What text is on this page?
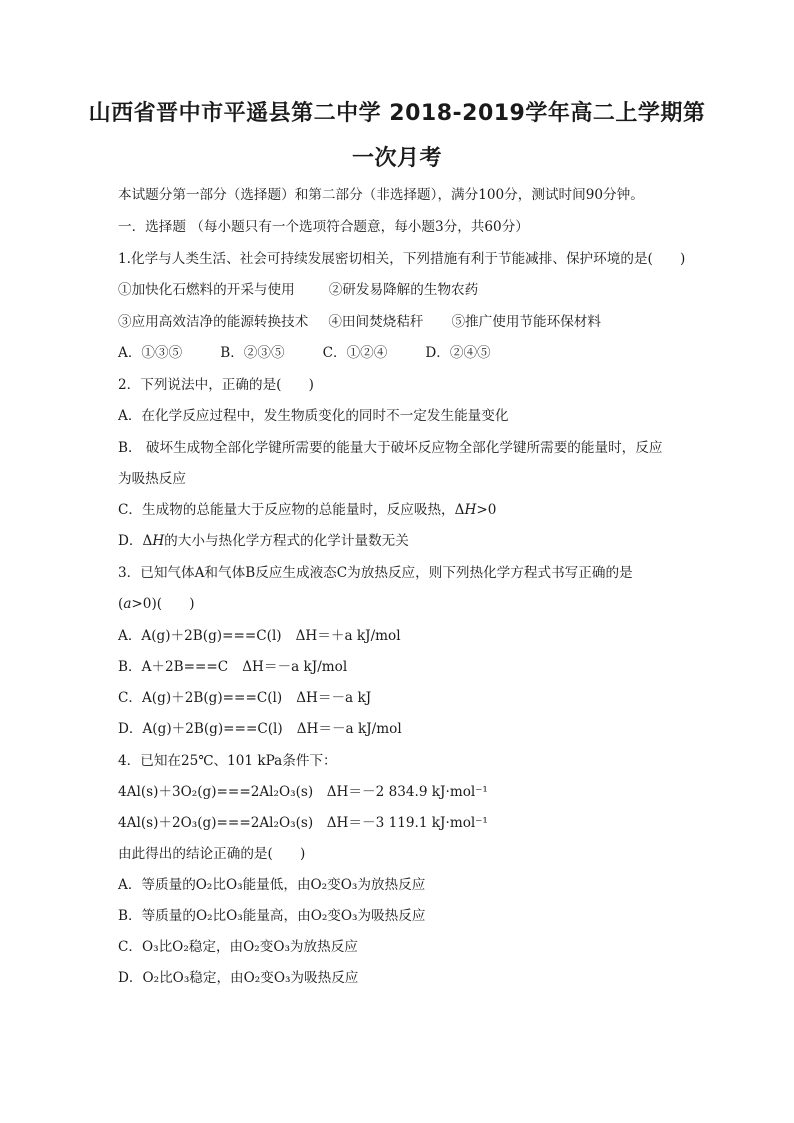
山西省晋中市平遥县第二中学 2018-2019学年高二上学期第
一次月考
本试题分第一部分（选择题）和第二部分（非选择题），满分100分，测试时间90分钟。
一．选择题 （每小题只有一个选项符合题意，每小题3分，共60分）
1.化学与人类生活、社会可持续发展密切相关，下列措施有利于节能减排、保护环境的是(　　)
①加快化石燃料的开采与使用	②研发易降解的生物农药
③应用高效洁净的能源转换技术 ④田间焚烧秸秆 ⑤推广使用节能环保材料
A．①③⑤	B．②③⑤	C．①②④	D．②④⑤
2．下列说法中，正确的是(　　)
A．在化学反应过程中，发生物质变化的同时不一定发生能量变化
B.　破坏生成物全部化学键所需要的能量大于破坏反应物全部化学键所需要的能量时，反应
为吸热反应
C．生成物的总能量大于反应物的总能量时，反应吸热，ΔH>0
D．ΔH的大小与热化学方程式的化学计量数无关
3．已知气体A和气体B反应生成液态C为放热反应，则下列热化学方程式书写正确的是
(a>0)(　　)
A．A(g)＋2B(g)===C(l) ΔH＝＋a kJ/mol
B．A＋2B===C ΔH＝－a kJ/mol
C．A(g)＋2B(g)===C(l) ΔH＝－a kJ
D．A(g)＋2B(g)===C(l) ΔH＝－a kJ/mol
4．已知在25℃、101 kPa条件下：
4Al(s)＋3O₂(g)===2Al₂O₃(s)　ΔH＝－2 834.9 kJ·mol⁻¹
4Al(s)＋2O₃(g)===2Al₂O₃(s)　ΔH＝－3 119.1 kJ·mol⁻¹
由此得出的结论正确的是(　　)
A．等质量的O₂比O₃能量低，由O₂变O₃为放热反应
B．等质量的O₂比O₃能量高，由O₂变O₃为吸热反应
C．O₃比O₂稳定，由O₂变O₃为放热反应
D．O₂比O₃稳定，由O₂变O₃为吸热反应
